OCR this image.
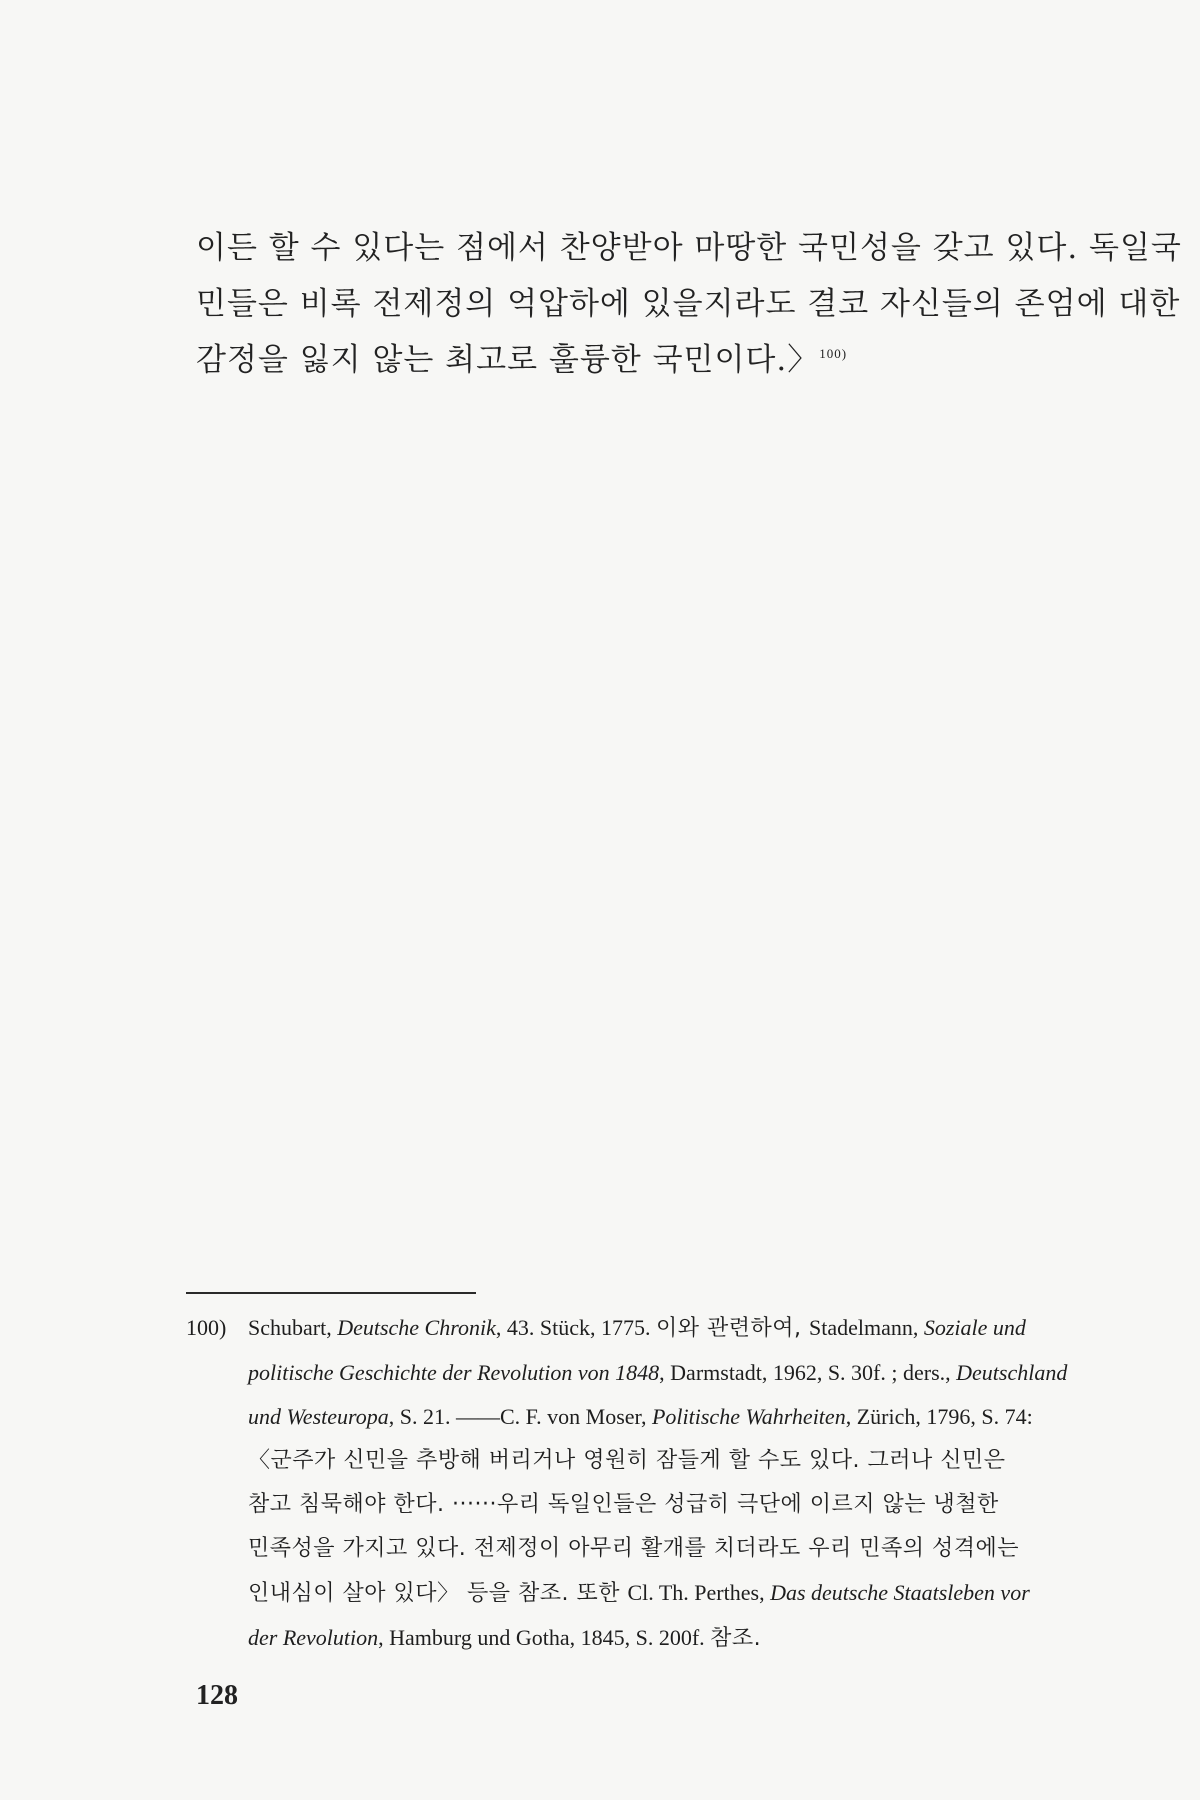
이든 할 수 있다는 점에서 찬양받아 마땅한 국민성을 갖고 있다. 독일국

민들은 비록 전제정의 억압하에 있을지라도 결코 자신들의 존엄에 대한

감정을 잃지 않는 최고로 훌륭한 국민이다.〉$^{100)}$

100) Schubart, Deutsche Chronik, 43. Stück, 1775. 이와 관련하여, Stadelmann, Soziale und

politische Geschichte der Revolution von 1848, Darmstadt, 1962, S. 30f. ; ders., Deutschland

und Westeuropa, S. 21. ——C. F. von Moser, Politische Wahrheiten, Zürich, 1796, S. 74:

〈군주가 신민을 추방해 버리거나 영원히 잠들게 할 수도 있다. 그러나 신민은

참고 침묵해야 한다. ······우리 독일인들은 성급히 극단에 이르지 않는 냉철한

민족성을 가지고 있다. 전제정이 아무리 활개를 치더라도 우리 민족의 성격에는

인내심이 살아 있다〉 등을 참조. 또한 Cl. Th. Perthes, Das deutsche Staatsleben vor

der Revolution, Hamburg und Gotha, 1845, S. 200f. 참조.

128
